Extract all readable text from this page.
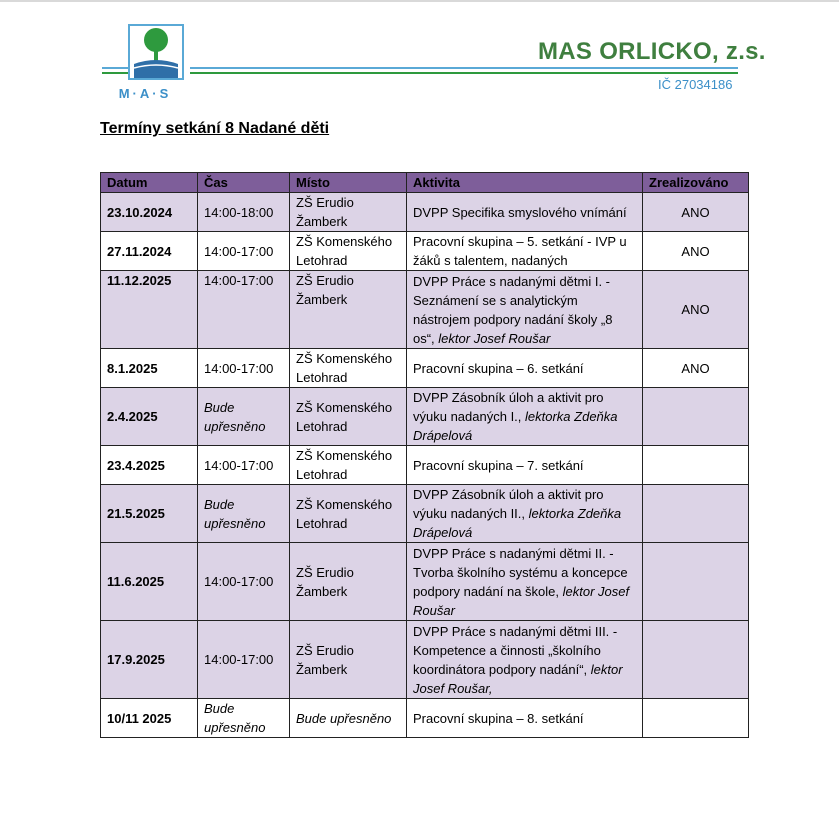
M·A·S
MAS ORLICKO, z.s.
IČ 27034186
Termíny setkání 8 Nadané děti
Datum	Čas	Místo	Aktivita	Zrealizováno
23.10.2024	14:00-18:00	ZŠ Erudio Žamberk	DVPP Specifika smyslového vnímání	ANO
27.11.2024	14:00-17:00	ZŠ Komenského Letohrad	Pracovní skupina – 5. setkání - IVP u žáků s talentem, nadaných	ANO
11.12.2025	14:00-17:00	ZŠ Erudio Žamberk	DVPP Práce s nadanými dětmi I. - Seznámení se s analytickým nástrojem podpory nadání školy „8 os“, lektor Josef Roušar	ANO
8.1.2025	14:00-17:00	ZŠ Komenského Letohrad	Pracovní skupina – 6. setkání	ANO
2.4.2025	Bude upřesněno	ZŠ Komenského Letohrad	DVPP Zásobník úloh a aktivit pro výuku nadaných I., lektorka Zdeňka Drápelová	
23.4.2025	14:00-17:00	ZŠ Komenského Letohrad	Pracovní skupina – 7. setkání	
21.5.2025	Bude upřesněno	ZŠ Komenského Letohrad	DVPP Zásobník úloh a aktivit pro výuku nadaných II., lektorka Zdeňka Drápelová	
11.6.2025	14:00-17:00	ZŠ Erudio Žamberk	DVPP Práce s nadanými dětmi II. - Tvorba školního systému a koncepce podpory nadání na škole, lektor Josef Roušar	
17.9.2025	14:00-17:00	ZŠ Erudio Žamberk	DVPP Práce s nadanými dětmi III. - Kompetence a činnosti „školního koordinátora podpory nadání“, lektor Josef Roušar,	
10/11 2025	Bude upřesněno	Bude upřesněno	Pracovní skupina – 8. setkání	
